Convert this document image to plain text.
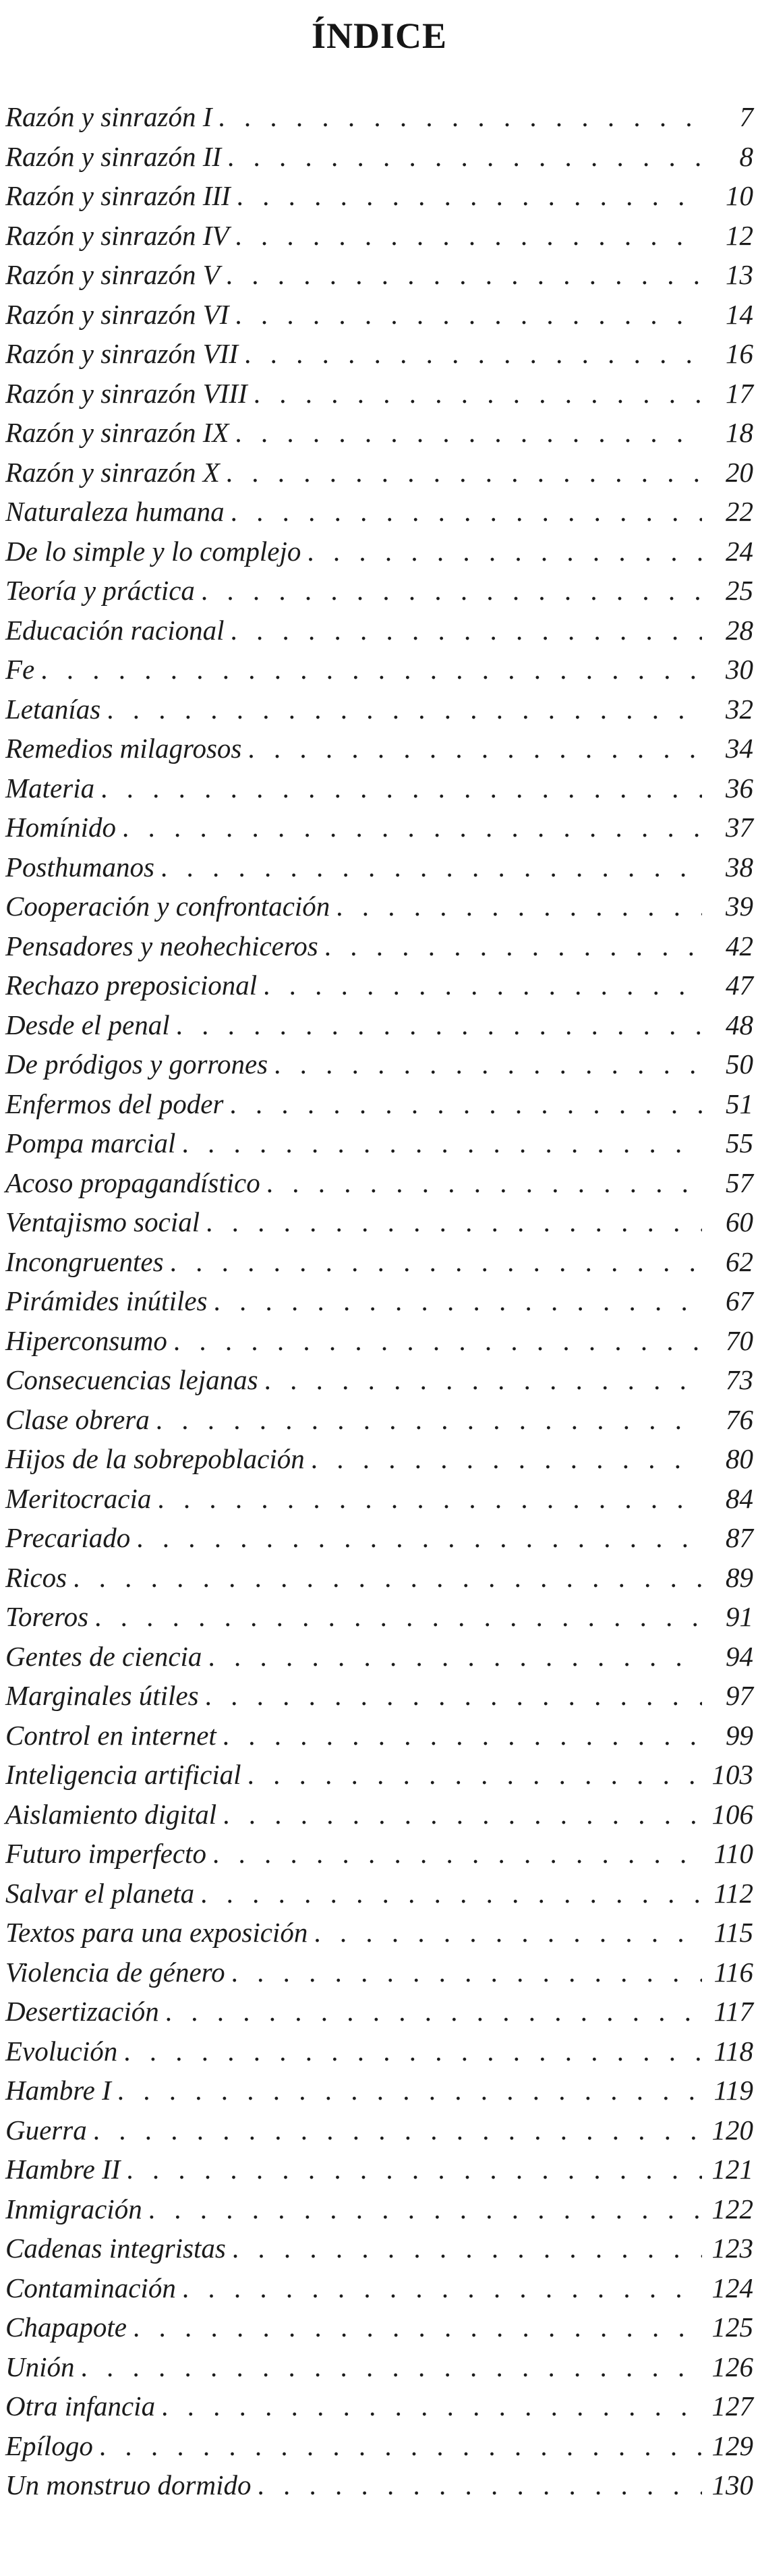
ÍNDICE
Razón y sinrazón I . . .	7
Razón y sinrazón II . . .	8
Razón y sinrazón III . . .	10
Razón y sinrazón IV . . .	12
Razón y sinrazón V . . .	13
Razón y sinrazón VI . . .	14
Razón y sinrazón VII . . .	16
Razón y sinrazón VIII . . .	17
Razón y sinrazón IX . . .	18
Razón y sinrazón X . . .	20
Naturaleza humana . . .	22
De lo simple y lo complejo . . .	24
Teoría y práctica . . .	25
Educación racional . . .	28
Fe . . .	30
Letanías . . .	32
Remedios milagrosos . . .	34
Materia . . .	36
Homínido . . .	37
Posthumanos . . .	38
Cooperación y confrontación . . .	39
Pensadores y neohechiceros . . .	42
Rechazo preposicional . . .	47
Desde el penal . . .	48
De pródigos y gorrones . . .	50
Enfermos del poder . . .	51
Pompa marcial . . .	55
Acoso propagandístico . . .	57
Ventajismo social . . .	60
Incongruentes . . .	62
Pirámides inútiles . . .	67
Hiperconsumo . . .	70
Consecuencias lejanas . . .	73
Clase obrera . . .	76
Hijos de la sobrepoblación . . .	80
Meritocracia . . .	84
Precariado . . .	87
Ricos . . .	89
Toreros . . .	91
Gentes de ciencia . . .	94
Marginales útiles . . .	97
Control en internet . . .	99
Inteligencia artificial . . .	103
Aislamiento digital . . .	106
Futuro imperfecto . . .	110
Salvar el planeta . . .	112
Textos para una exposición . . .	115
Violencia de género . . .	116
Desertización . . .	117
Evolución . . .	118
Hambre I . . .	119
Guerra . . .	120
Hambre II . . .	121
Inmigración . . .	122
Cadenas integristas . . .	123
Contaminación . . .	124
Chapapote . . .	125
Unión . . .	126
Otra infancia . . .	127
Epílogo . . .	129
Un monstruo dormido . . .	130
